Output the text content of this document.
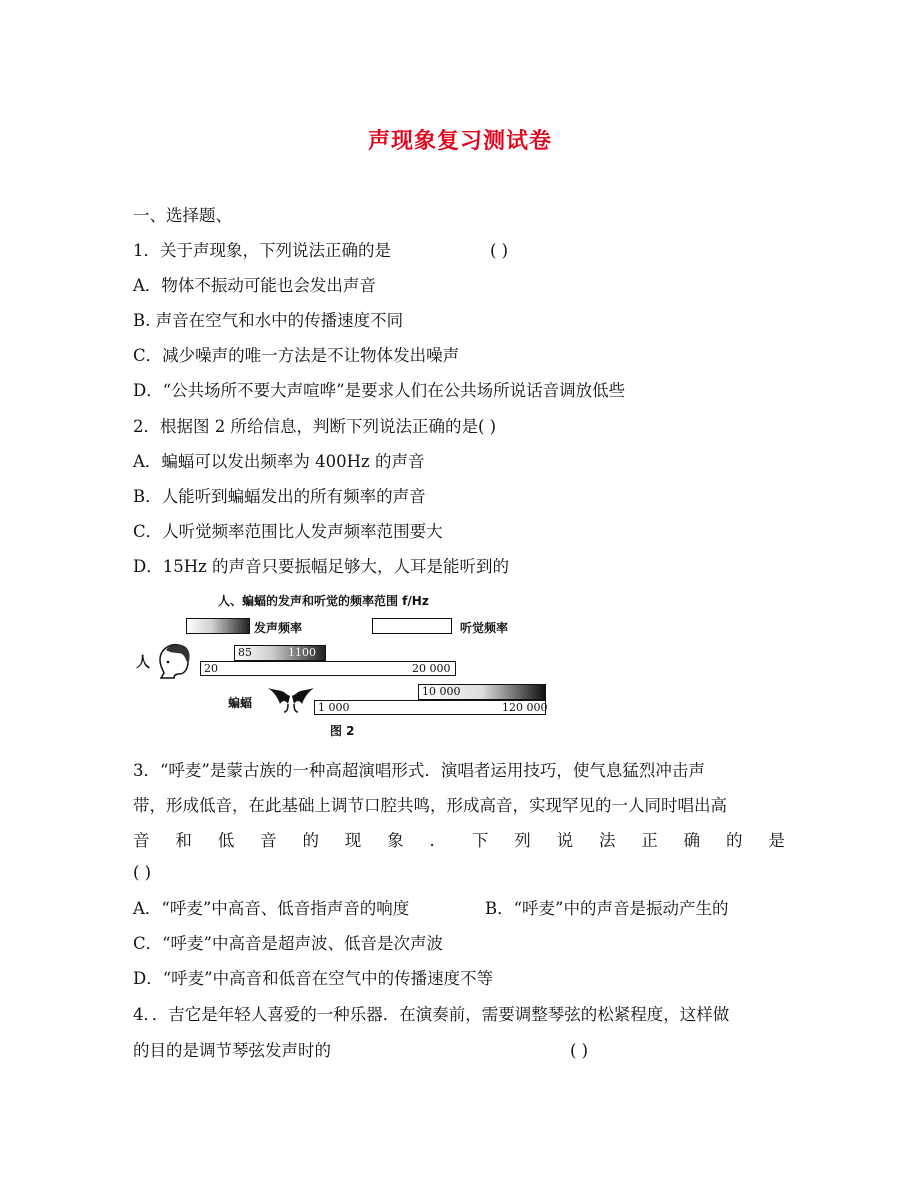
声现象复习测试卷
一、选择题、
1．关于声现象，下列说法正确的是	( )
A．物体不振动可能也会发出声音
B. 声音在空气和水中的传播速度不同
C．减少噪声的唯一方法是不让物体发出噪声
D．“公共场所不要大声喧哗”是要求人们在公共场所说话音调放低些
2．根据图 2 所给信息，判断下列说法正确的是( )
A．蝙蝠可以发出频率为 400Hz 的声音
B．人能听到蝙蝠发出的所有频率的声音
C．人听觉频率范围比人发声频率范围要大
D．15Hz 的声音只要振幅足够大，人耳是能听到的
人、蝙蝠的发声和听觉的频率范围 f/Hz
发声频率	听觉频率
人
85	1100
20	20 000
10 000
蝙蝠	1 000	120 000
图 2
3．“呼麦”是蒙古族的一种高超演唱形式．演唱者运用技巧，使气息猛烈冲击声
带，形成低音，在此基础上调节口腔共鸣，形成高音，实现罕见的一人同时唱出高
音 和 低 音 的 现 象 ． 下 列 说 法 正 确 的 是
( )
A．“呼麦”中高音、低音指声音的响度	B．“呼麦”中的声音是振动产生的
C．“呼麦”中高音是超声波、低音是次声波
D．“呼麦”中高音和低音在空气中的传播速度不等
4．．吉它是年轻人喜爱的一种乐器．在演奏前，需要调整琴弦的松紧程度，这样做
的目的是调节琴弦发声时的	( )
